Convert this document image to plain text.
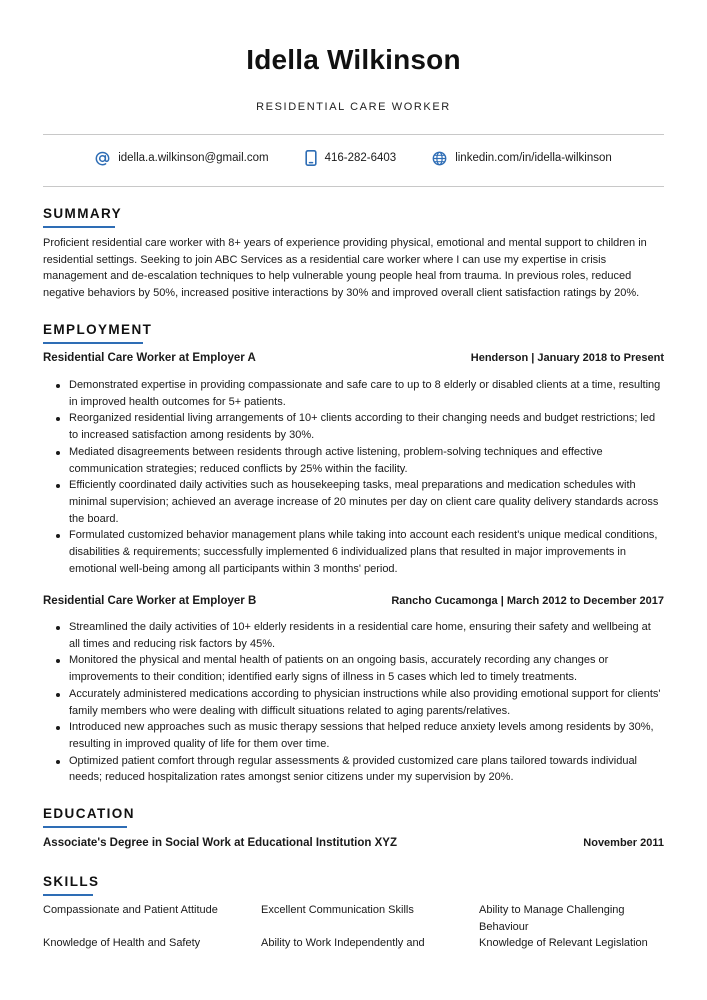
Idella Wilkinson
RESIDENTIAL CARE WORKER
idella.a.wilkinson@gmail.com	416-282-6403	linkedin.com/in/idella-wilkinson
SUMMARY
Proficient residential care worker with 8+ years of experience providing physical, emotional and mental support to children in residential settings. Seeking to join ABC Services as a residential care worker where I can use my expertise in crisis management and de-escalation techniques to help vulnerable young people heal from trauma. In previous roles, reduced negative behaviors by 50%, increased positive interactions by 30% and improved overall client satisfaction ratings by 20%.
EMPLOYMENT
Residential Care Worker at Employer A	Henderson | January 2018 to Present
Demonstrated expertise in providing compassionate and safe care to up to 8 elderly or disabled clients at a time, resulting in improved health outcomes for 5+ patients.
Reorganized residential living arrangements of 10+ clients according to their changing needs and budget restrictions; led to increased satisfaction among residents by 30%.
Mediated disagreements between residents through active listening, problem-solving techniques and effective communication strategies; reduced conflicts by 25% within the facility.
Efficiently coordinated daily activities such as housekeeping tasks, meal preparations and medication schedules with minimal supervision; achieved an average increase of 20 minutes per day on client care quality delivery standards across the board.
Formulated customized behavior management plans while taking into account each resident's unique medical conditions, disabilities & requirements; successfully implemented 6 individualized plans that resulted in major improvements in emotional well-being among all participants within 3 months' period.
Residential Care Worker at Employer B	Rancho Cucamonga | March 2012 to December 2017
Streamlined the daily activities of 10+ elderly residents in a residential care home, ensuring their safety and wellbeing at all times and reducing risk factors by 45%.
Monitored the physical and mental health of patients on an ongoing basis, accurately recording any changes or improvements to their condition; identified early signs of illness in 5 cases which led to timely treatments.
Accurately administered medications according to physician instructions while also providing emotional support for clients' family members who were dealing with difficult situations related to aging parents/relatives.
Introduced new approaches such as music therapy sessions that helped reduce anxiety levels among residents by 30%, resulting in improved quality of life for them over time.
Optimized patient comfort through regular assessments & provided customized care plans tailored towards individual needs; reduced hospitalization rates amongst senior citizens under my supervision by 20%.
EDUCATION
Associate's Degree in Social Work at Educational Institution XYZ	November 2011
SKILLS
Compassionate and Patient Attitude	Excellent Communication Skills	Ability to Manage Challenging Behaviour
Knowledge of Health and Safety	Ability to Work Independently and	Knowledge of Relevant Legislation
